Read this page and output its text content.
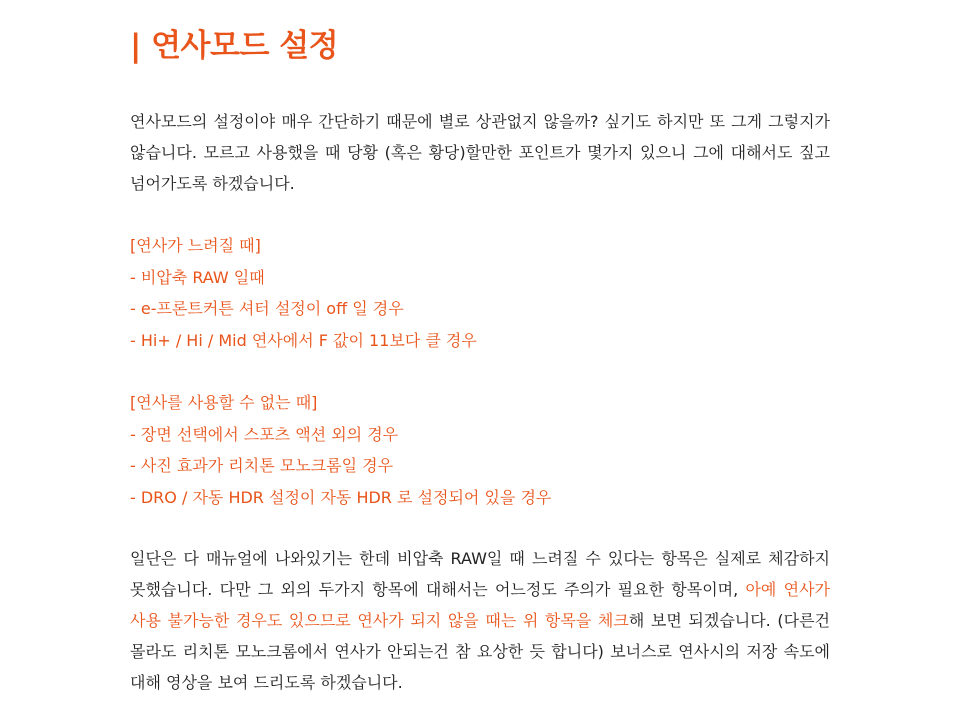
| 연사모드 설정

연사모드의 설정이야 매우 간단하기 때문에 별로 상관없지 않을까? 싶기도 하지만 또 그게 그렇지가 않습니다. 모르고 사용했을 때 당황 (혹은 황당)할만한 포인트가 몇가지 있으니 그에 대해서도 짚고 넘어가도록 하겠습니다.

[연사가 느려질 때]
- 비압축 RAW 일때
- e-프론트커튼 셔터 설정이 off 일 경우
- Hi+ / Hi / Mid 연사에서 F 값이 11보다 클 경우
[연사를 사용할 수 없는 때]
- 장면 선택에서 스포츠 액션 외의 경우
- 사진 효과가 리치톤 모노크롬일 경우
- DRO / 자동 HDR 설정이 자동 HDR 로 설정되어 있을 경우

일단은 다 매뉴얼에 나와있기는 한데 비압축 RAW일 때 느려질 수 있다는 항목은 실제로 체감하지 못했습니다. 다만 그 외의 두가지 항목에 대해서는 어느정도 주의가 필요한 항목이며, 아예 연사가 사용 불가능한 경우도 있으므로 연사가 되지 않을 때는 위 항목을 체크해 보면 되겠습니다. (다른건 몰라도 리치톤 모노크롬에서 연사가 안되는건 참 요상한 듯 합니다) 보너스로 연사시의 저장 속도에 대해 영상을 보여 드리도록 하겠습니다.
